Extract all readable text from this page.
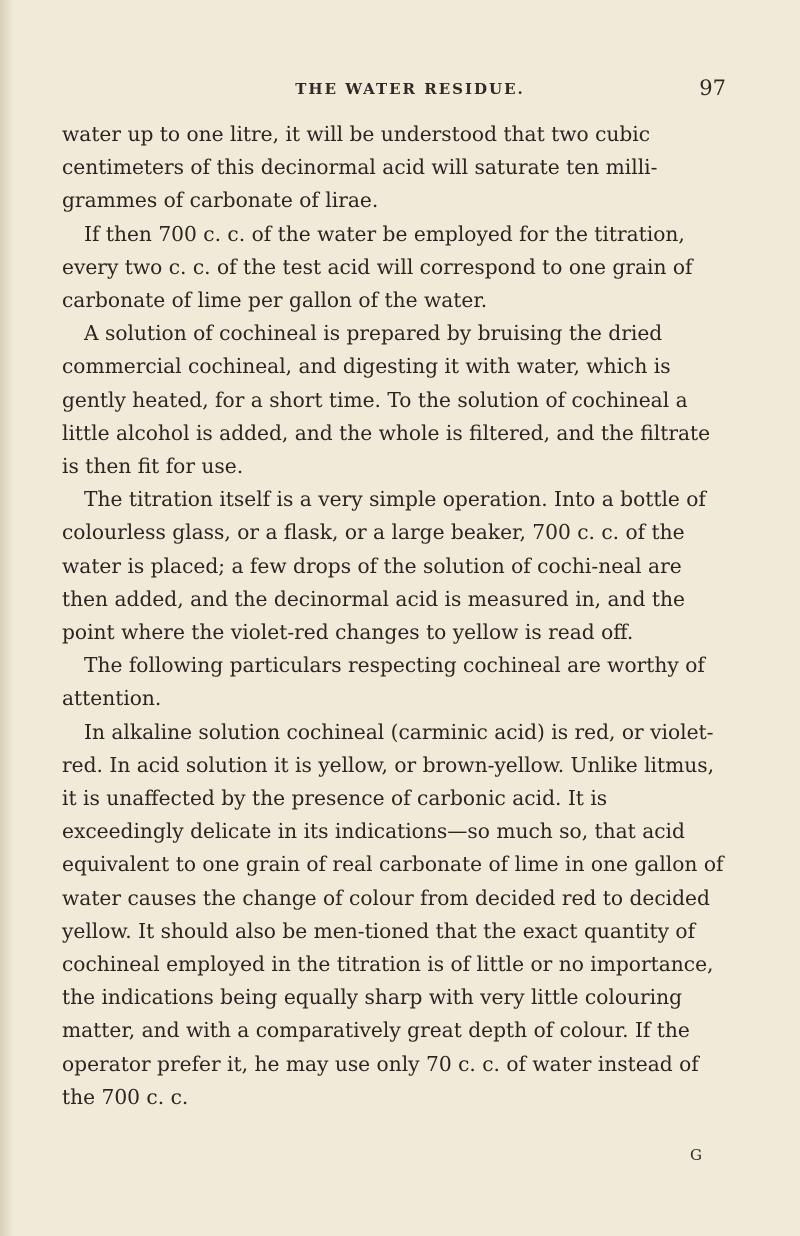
THE WATER RESIDUE.	97

water up to one litre, it will be understood that two cubic centimeters of this decinormal acid will saturate ten milli-grammes of carbonate of lirae.

If then 700 c. c. of the water be employed for the titration, every two c. c. of the test acid will correspond to one grain of carbonate of lime per gallon of the water.

A solution of cochineal is prepared by bruising the dried commercial cochineal, and digesting it with water, which is gently heated, for a short time. To the solution of cochineal a little alcohol is added, and the whole is filtered, and the filtrate is then fit for use.

The titration itself is a very simple operation. Into a bottle of colourless glass, or a flask, or a large beaker, 700 c. c. of the water is placed; a few drops of the solution of cochi-neal are then added, and the decinormal acid is measured in, and the point where the violet-red changes to yellow is read off.

The following particulars respecting cochineal are worthy of attention.

In alkaline solution cochineal (carminic acid) is red, or violet-red. In acid solution it is yellow, or brown-yellow. Unlike litmus, it is unaffected by the presence of carbonic acid. It is exceedingly delicate in its indications—so much so, that acid equivalent to one grain of real carbonate of lime in one gallon of water causes the change of colour from decided red to decided yellow. It should also be men-tioned that the exact quantity of cochineal employed in the titration is of little or no importance, the indications being equally sharp with very little colouring matter, and with a comparatively great depth of colour. If the operator prefer it, he may use only 70 c. c. of water instead of the 700 c. c.

G
